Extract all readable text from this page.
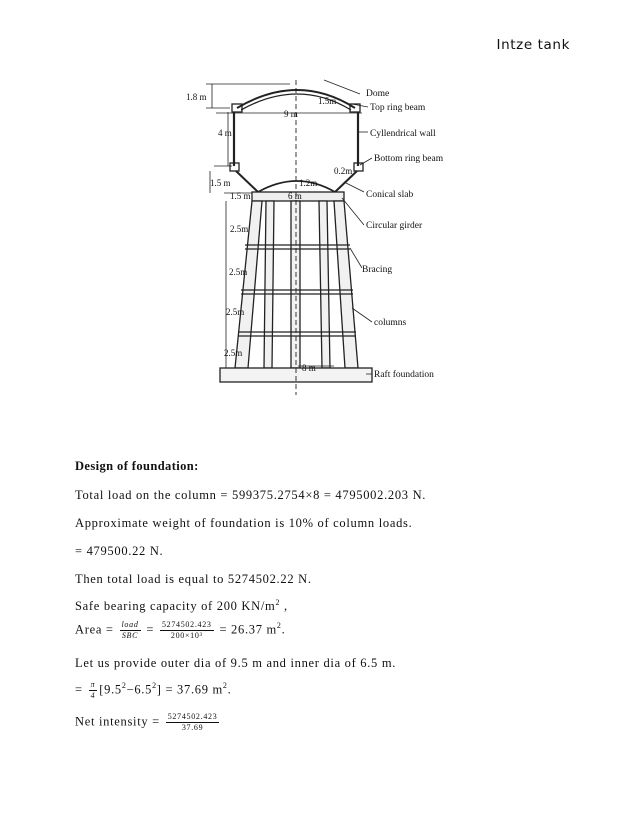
Intze tank
1.8 m
4 m
1.5 m
9 m
6 m
8 m
1.5m
0.2m
1.2m
1.5 m
2.5m
2.5m
2.5m
2.5m
Dome
Top ring beam
Cyllendrical wall
Bottom ring beam
Conical slab
Circular girder
Bracing
columns
Raft foundation
Design of foundation:
Total load on the column = 599375.2754×8 = 4795002.203 N.
Approximate weight of foundation is 10% of column loads.
= 479500.22 N.
Then total load is equal to 5274502.22 N.
Safe bearing capacity of 200 $KN/m^2$ ,
Area = $\frac{\text{load}}{\text{SBC}} = \frac{5274502.423}{\text{200×10³}} = 26.37$ $m^2$.
Let us provide outer dia of 9.5 m and inner dia of 6.5 m.
= $\frac{\pi}{4} [9.5^2-6.5^2] = 37.69$ $m^2$.
Net intensity = $\frac{5274502.423}{37.69}$
